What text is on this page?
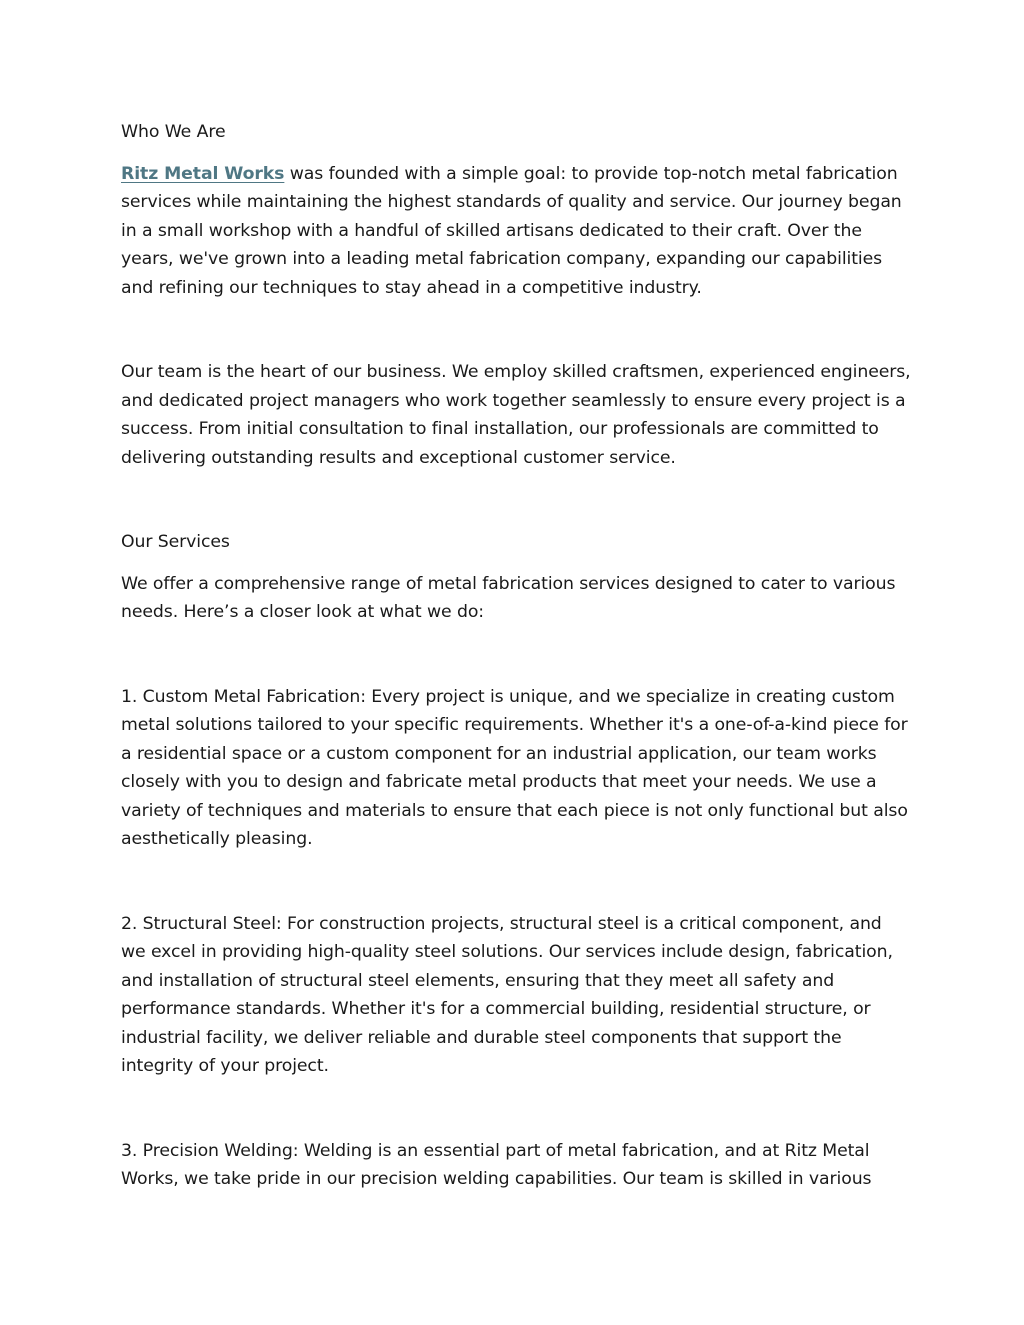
Who We Are

Ritz Metal Works was founded with a simple goal: to provide top-notch metal fabrication services while maintaining the highest standards of quality and service. Our journey began in a small workshop with a handful of skilled artisans dedicated to their craft. Over the years, we've grown into a leading metal fabrication company, expanding our capabilities and refining our techniques to stay ahead in a competitive industry.

Our team is the heart of our business. We employ skilled craftsmen, experienced engineers, and dedicated project managers who work together seamlessly to ensure every project is a success. From initial consultation to final installation, our professionals are committed to delivering outstanding results and exceptional customer service.

Our Services

We offer a comprehensive range of metal fabrication services designed to cater to various needs. Here’s a closer look at what we do:

1. Custom Metal Fabrication: Every project is unique, and we specialize in creating custom metal solutions tailored to your specific requirements. Whether it's a one-of-a-kind piece for a residential space or a custom component for an industrial application, our team works closely with you to design and fabricate metal products that meet your needs. We use a variety of techniques and materials to ensure that each piece is not only functional but also aesthetically pleasing.

2. Structural Steel: For construction projects, structural steel is a critical component, and we excel in providing high-quality steel solutions. Our services include design, fabrication, and installation of structural steel elements, ensuring that they meet all safety and performance standards. Whether it's for a commercial building, residential structure, or industrial facility, we deliver reliable and durable steel components that support the integrity of your project.

3. Precision Welding: Welding is an essential part of metal fabrication, and at Ritz Metal Works, we take pride in our precision welding capabilities. Our team is skilled in various
